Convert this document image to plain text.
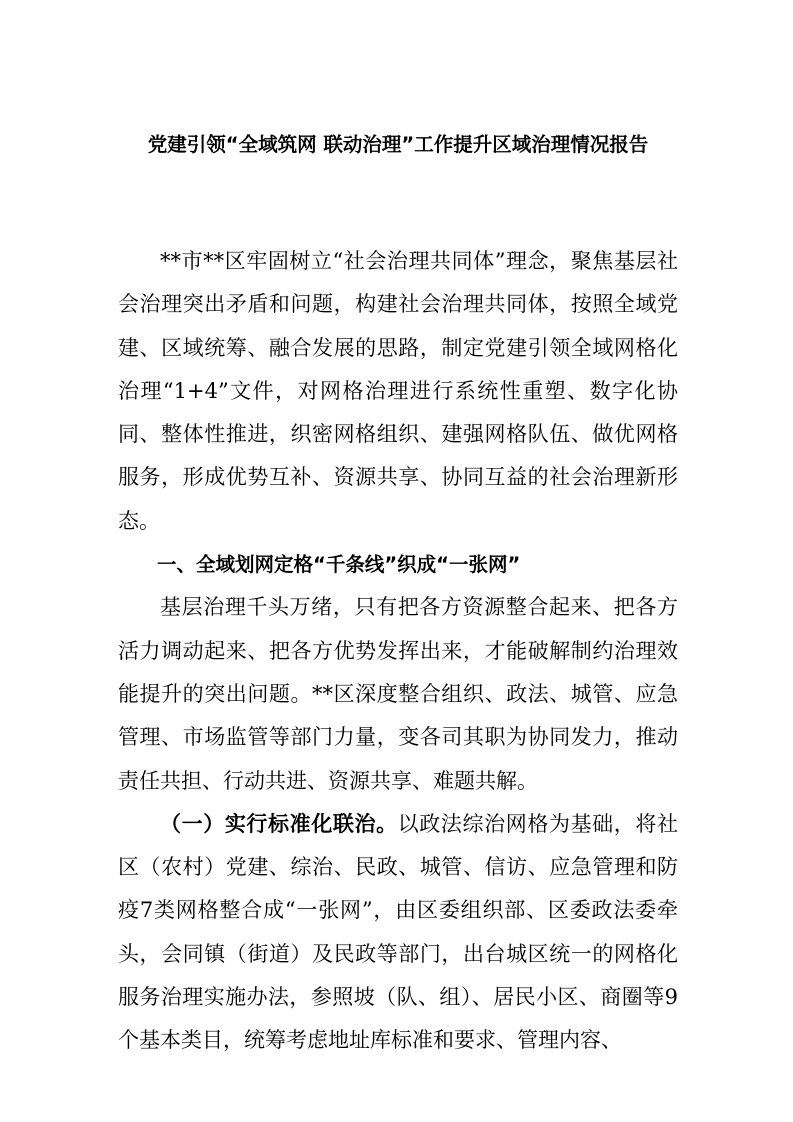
党建引领“全域筑网 联动治理”工作提升区域治理情况报告

**市**区牢固树立“社会治理共同体”理念，聚焦基层社会治理突出矛盾和问题，构建社会治理共同体，按照全域党建、区域统筹、融合发展的思路，制定党建引领全域网格化治理“1+4”文件，对网格治理进行系统性重塑、数字化协同、整体性推进，织密网格组织、建强网格队伍、做优网格服务，形成优势互补、资源共享、协同互益的社会治理新形态。

一、全域划网定格“千条线”织成“一张网”

基层治理千头万绪，只有把各方资源整合起来、把各方活力调动起来、把各方优势发挥出来，才能破解制约治理效能提升的突出问题。**区深度整合组织、政法、城管、应急管理、市场监管等部门力量，变各司其职为协同发力，推动责任共担、行动共进、资源共享、难题共解。

（一）实行标准化联治。以政法综治网格为基础，将社区（农村）党建、综治、民政、城管、信访、应急管理和防疫7类网格整合成“一张网”，由区委组织部、区委政法委牵头，会同镇（街道）及民政等部门，出台城区统一的网格化服务治理实施办法，参照坡（队、组）、居民小区、商圈等9个基本类目，统筹考虑地址库标准和要求、管理内容、
